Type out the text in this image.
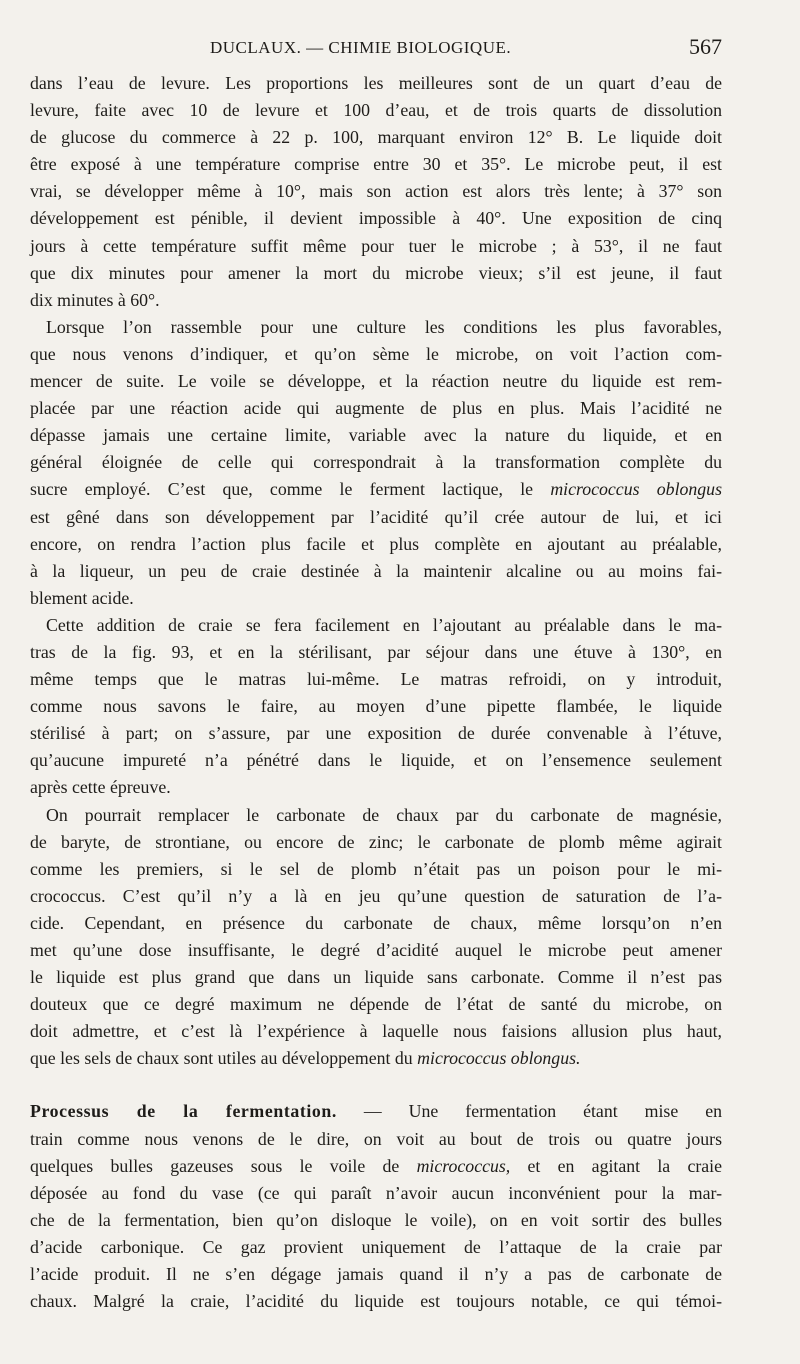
DUCLAUX. — CHIMIE BIOLOGIQUE.	567

dans l’eau de levure. Les proportions les meilleures sont de un quart d’eau de
levure, faite avec 10 de levure et 100 d’eau, et de trois quarts de dissolution
de glucose du commerce à 22 p. 100, marquant environ 12° B. Le liquide doit
être exposé à une température comprise entre 30 et 35°. Le microbe peut, il est
vrai, se développer même à 10°, mais son action est alors très lente; à 37° son
développement est pénible, il devient impossible à 40°. Une exposition de cinq
jours à cette température suffit même pour tuer le microbe ; à 53°, il ne faut
que dix minutes pour amener la mort du microbe vieux; s’il est jeune, il faut
dix minutes à 60°.

Lorsque l’on rassemble pour une culture les conditions les plus favorables,
que nous venons d’indiquer, et qu’on sème le microbe, on voit l’action com-
mencer de suite. Le voile se développe, et la réaction neutre du liquide est rem-
placée par une réaction acide qui augmente de plus en plus. Mais l’acidité ne
dépasse jamais une certaine limite, variable avec la nature du liquide, et en
général éloignée de celle qui correspondrait à la transformation complète du
sucre employé. C’est que, comme le ferment lactique, le micrococcus oblongus
est gêné dans son développement par l’acidité qu’il crée autour de lui, et ici
encore, on rendra l’action plus facile et plus complète en ajoutant au préalable,
à la liqueur, un peu de craie destinée à la maintenir alcaline ou au moins fai-
blement acide.

Cette addition de craie se fera facilement en l’ajoutant au préalable dans le ma-
tras de la fig. 93, et en la stérilisant, par séjour dans une étuve à 130°, en
même temps que le matras lui-même. Le matras refroidi, on y introduit,
comme nous savons le faire, au moyen d’une pipette flambée, le liquide
stérilisé à part; on s’assure, par une exposition de durée convenable à l’étuve,
qu’aucune impureté n’a pénétré dans le liquide, et on l’ensemence seulement
après cette épreuve.

On pourrait remplacer le carbonate de chaux par du carbonate de magnésie,
de baryte, de strontiane, ou encore de zinc; le carbonate de plomb même agirait
comme les premiers, si le sel de plomb n’était pas un poison pour le mi-
crococcus. C’est qu’il n’y a là en jeu qu’une question de saturation de l’a-
cide. Cependant, en présence du carbonate de chaux, même lorsqu’on n’en
met qu’une dose insuffisante, le degré d’acidité auquel le microbe peut amener
le liquide est plus grand que dans un liquide sans carbonate. Comme il n’est pas
douteux que ce degré maximum ne dépende de l’état de santé du microbe, on
doit admettre, et c’est là l’expérience à laquelle nous faisions allusion plus haut,
que les sels de chaux sont utiles au développement du micrococcus oblongus.

Processus de la fermentation. — Une fermentation étant mise en
train comme nous venons de le dire, on voit au bout de trois ou quatre jours
quelques bulles gazeuses sous le voile de micrococcus, et en agitant la craie
déposée au fond du vase (ce qui paraît n’avoir aucun inconvénient pour la mar-
che de la fermentation, bien qu’on disloque le voile), on en voit sortir des bulles
d’acide carbonique. Ce gaz provient uniquement de l’attaque de la craie par
l’acide produit. Il ne s’en dégage jamais quand il n’y a pas de carbonate de
chaux. Malgré la craie, l’acidité du liquide est toujours notable, ce qui témoi-
